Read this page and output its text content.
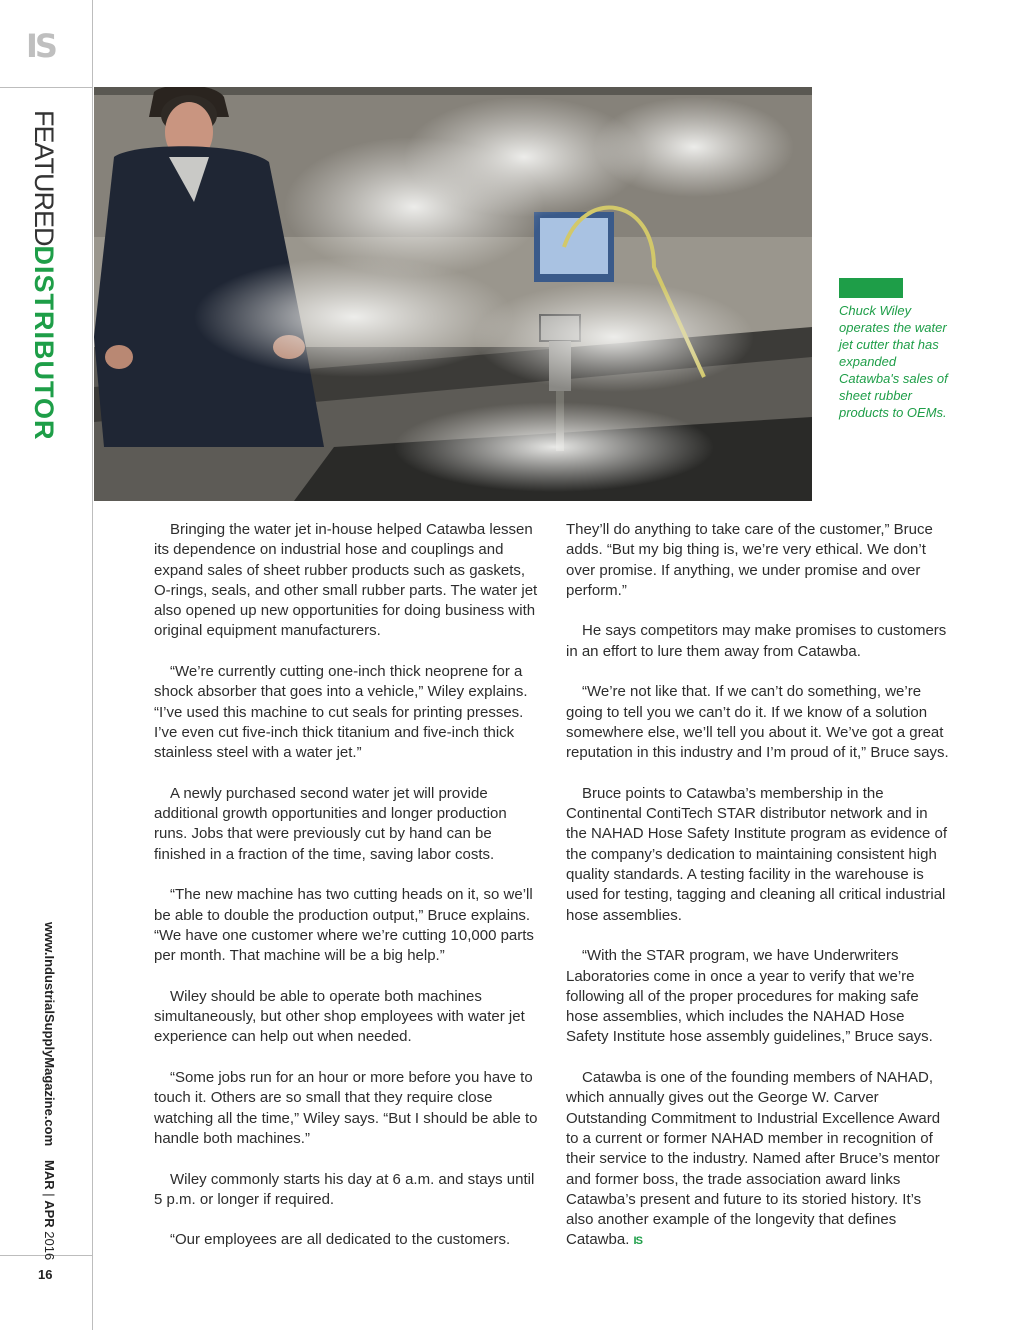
IS
FEATUREDDISTRIBUTOR
www.IndustrialSupplyMagazine.com
MAR | APR 2016
16
Chuck Wiley operates the water jet cutter that has expanded Catawba's sales of sheet rubber products to OEMs.

Bringing the water jet in-house helped Catawba lessen its dependence on industrial hose and couplings and expand sales of sheet rubber products such as gaskets, O-rings, seals, and other small rubber parts. The water jet also opened up new opportunities for doing business with original equipment manufacturers.

“We’re currently cutting one-inch thick neoprene for a shock absorber that goes into a vehicle,” Wiley explains. “I’ve used this machine to cut seals for printing presses. I’ve even cut five-inch thick titanium and five-inch thick stainless steel with a water jet.”

A newly purchased second water jet will provide additional growth opportunities and longer production runs. Jobs that were previously cut by hand can be finished in a fraction of the time, saving labor costs.

“The new machine has two cutting heads on it, so we’ll be able to double the production output,” Bruce explains. “We have one customer where we’re cutting 10,000 parts per month. That machine will be a big help.”

Wiley should be able to operate both machines simultaneously, but other shop employees with water jet experience can help out when needed.

“Some jobs run for an hour or more before you have to touch it. Others are so small that they require close watching all the time,” Wiley says. “But I should be able to handle both machines.”

Wiley commonly starts his day at 6 a.m. and stays until 5 p.m. or longer if required.

“Our employees are all dedicated to the customers.

They’ll do anything to take care of the customer,” Bruce adds. “But my big thing is, we’re very ethical. We don’t over promise. If anything, we under promise and over perform.”

He says competitors may make promises to customers in an effort to lure them away from Catawba.

“We’re not like that. If we can’t do something, we’re going to tell you we can’t do it. If we know of a solution somewhere else, we’ll tell you about it. We’ve got a great reputation in this industry and I’m proud of it,” Bruce says.

Bruce points to Catawba’s membership in the Continental ContiTech STAR distributor network and in the NAHAD Hose Safety Institute program as evidence of the company’s dedication to maintaining consistent high quality standards. A testing facility in the warehouse is used for testing, tagging and cleaning all critical industrial hose assemblies.

“With the STAR program, we have Underwriters Laboratories come in once a year to verify that we’re following all of the proper procedures for making safe hose assemblies, which includes the NAHAD Hose Safety Institute hose assembly guidelines,” Bruce says.

Catawba is one of the founding members of NAHAD, which annually gives out the George W. Carver Outstanding Commitment to Industrial Excellence Award to a current or former NAHAD member in recognition of their service to the industry. Named after Bruce’s mentor and former boss, the trade association award links Catawba’s present and future to its storied history. It’s also another example of the longevity that defines Catawba. IS
